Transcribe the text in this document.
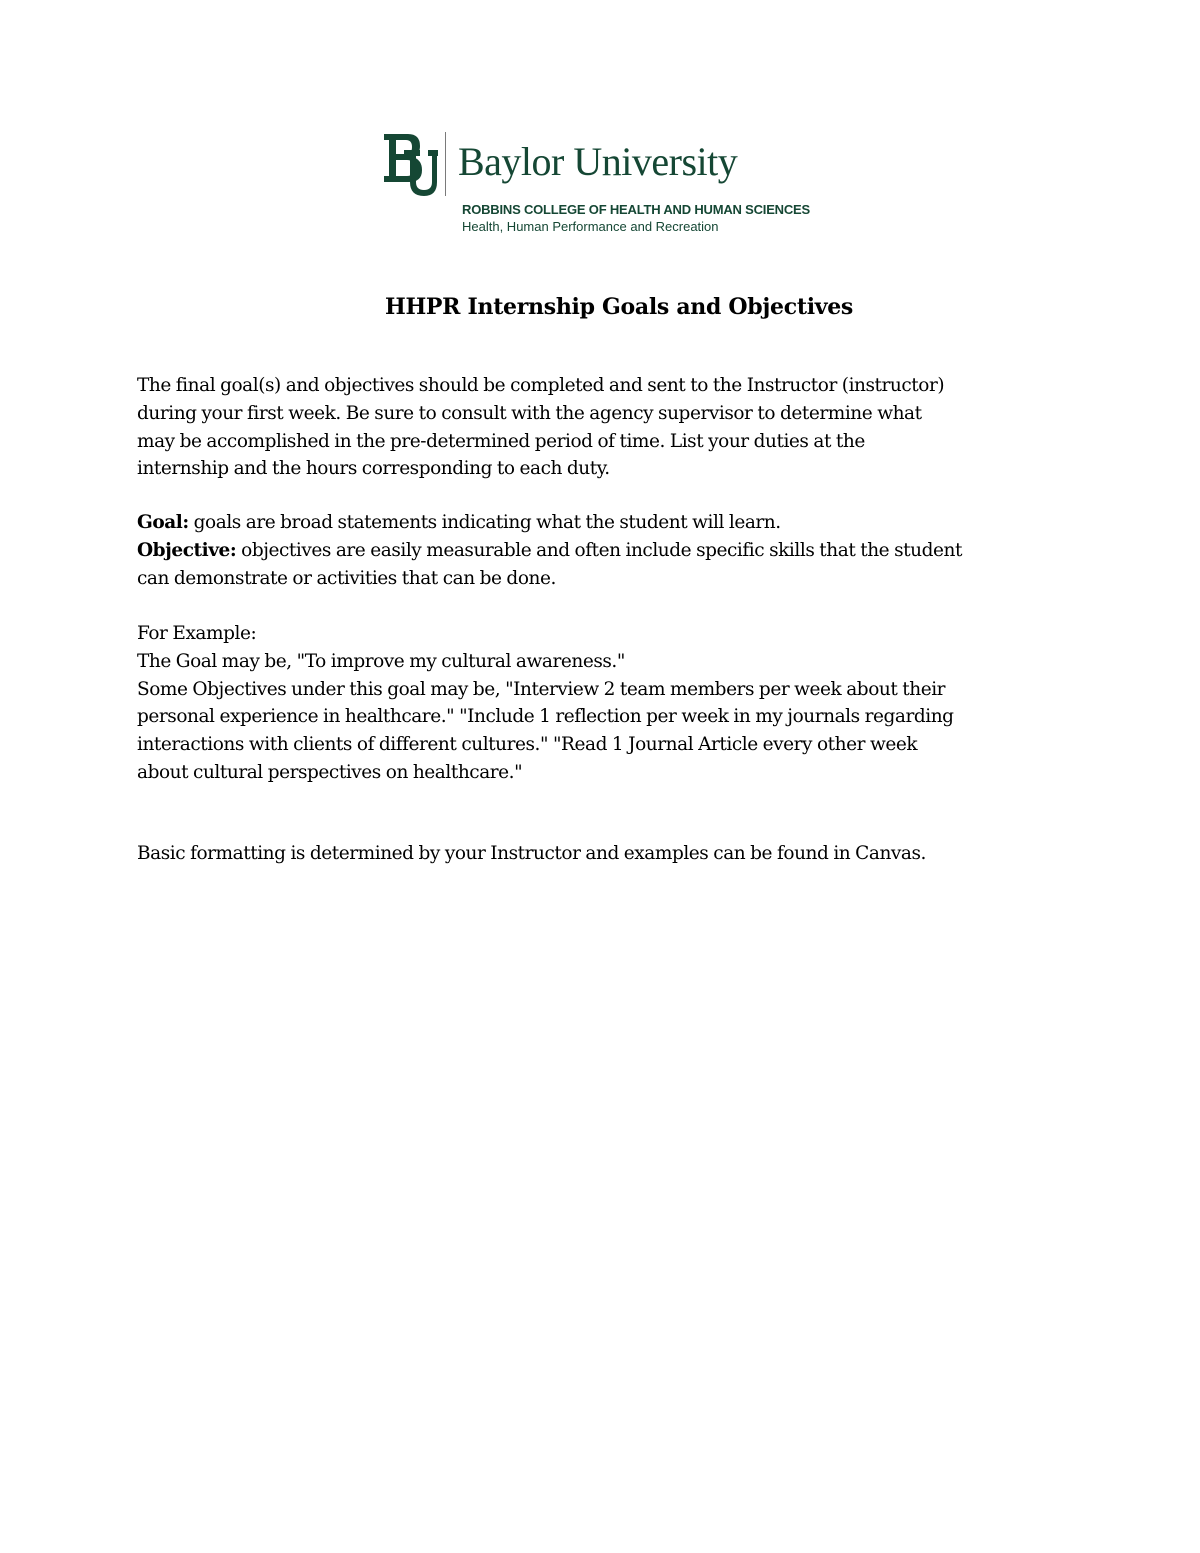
Baylor University
ROBBINS COLLEGE OF HEALTH AND HUMAN SCIENCES
Health, Human Performance and Recreation
HHPR Internship Goals and Objectives

The final goal(s) and objectives should be completed and sent to the Instructor (instructor)
during your first week. Be sure to consult with the agency supervisor to determine what
may be accomplished in the pre-determined period of time. List your duties at the
internship and the hours corresponding to each duty.

Goal: goals are broad statements indicating what the student will learn.
Objective: objectives are easily measurable and often include specific skills that the student
can demonstrate or activities that can be done.

For Example:
The Goal may be, "To improve my cultural awareness."
Some Objectives under this goal may be, "Interview 2 team members per week about their
personal experience in healthcare." "Include 1 reflection per week in my journals regarding
interactions with clients of different cultures." "Read 1 Journal Article every other week
about cultural perspectives on healthcare."

Basic formatting is determined by your Instructor and examples can be found in Canvas.
